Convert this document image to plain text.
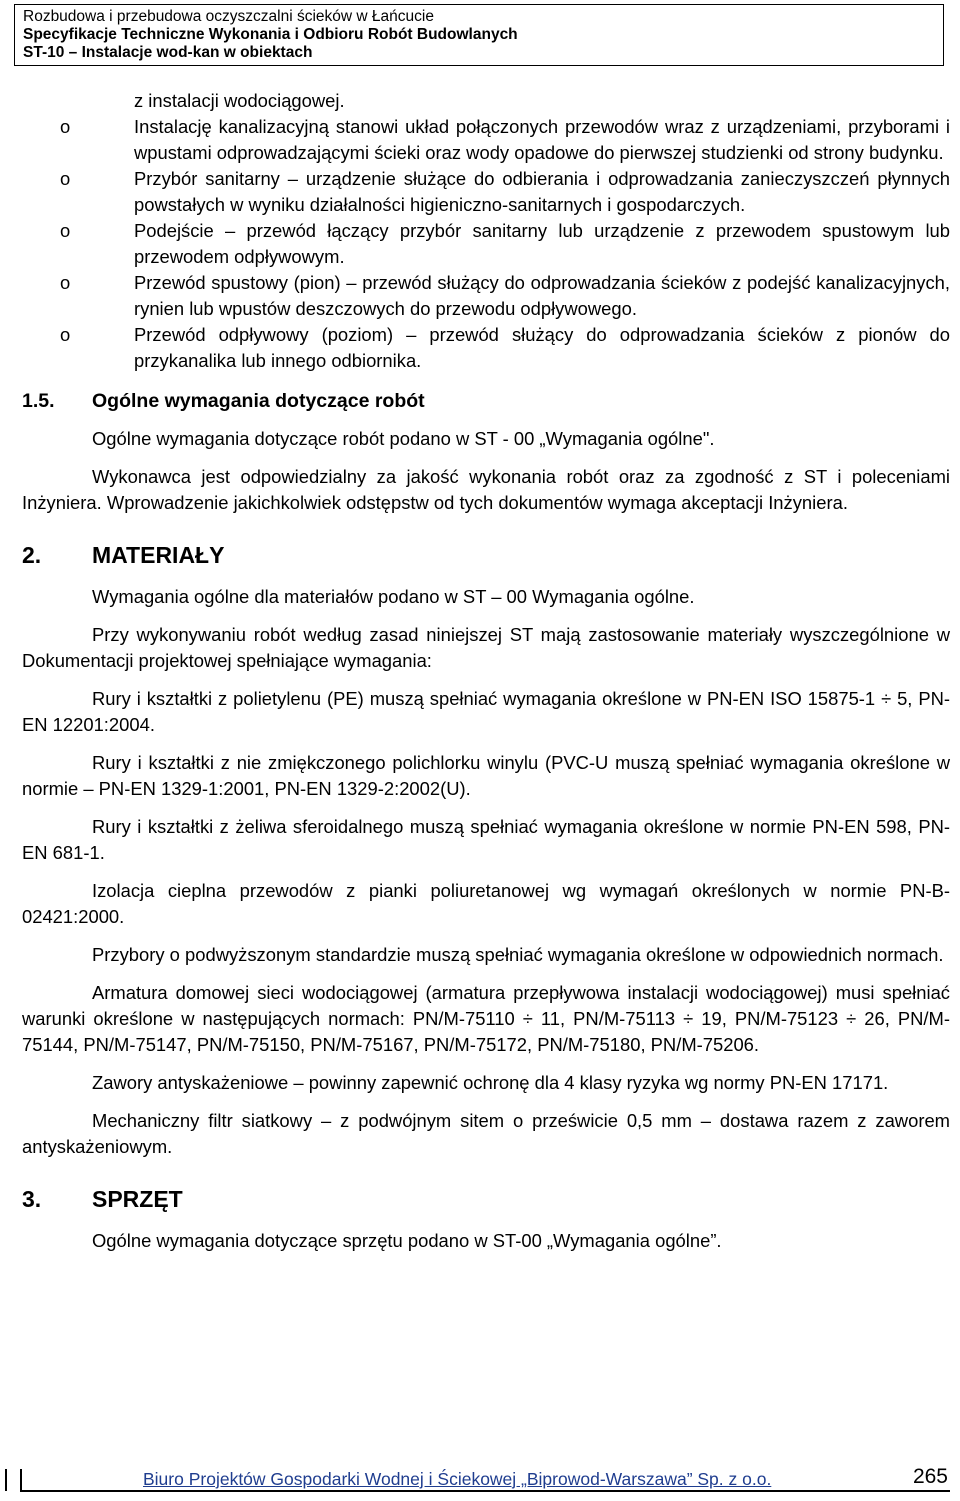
Rozbudowa i przebudowa oczyszczalni ścieków w Łańcucie
Specyfikacje Techniczne Wykonania i Odbioru Robót Budowlanych
ST-10 – Instalacje wod-kan w obiektach
z instalacji wodociągowej.
o	Instalację kanalizacyjną stanowi układ połączonych przewodów wraz z urządzeniami, przyborami i wpustami odprowadzającymi ścieki oraz wody opadowe do pierwszej studzienki od strony budynku.
o	Przybór sanitarny – urządzenie służące do odbierania i odprowadzania zanieczyszczeń płynnych powstałych w wyniku działalności higieniczno-sanitarnych i gospodarczych.
o	Podejście – przewód łączący przybór sanitarny lub urządzenie z przewodem spustowym lub przewodem odpływowym.
o	Przewód spustowy (pion) – przewód służący do odprowadzania ścieków z podejść kanalizacyjnych, rynien lub wpustów deszczowych do przewodu odpływowego.
o	Przewód odpływowy (poziom) – przewód służący do odprowadzania ścieków z pionów do przykanalika lub innego odbiornika.
1.5.	Ogólne wymagania dotyczące robót
Ogólne wymagania dotyczące robót podano w ST - 00 „Wymagania ogólne".
Wykonawca jest odpowiedzialny za jakość wykonania robót oraz za zgodność z ST i poleceniami Inżyniera. Wprowadzenie jakichkolwiek odstępstw od tych dokumentów wymaga akceptacji Inżyniera.
2.	MATERIAŁY
Wymagania ogólne dla materiałów podano w ST – 00 Wymagania ogólne.
Przy wykonywaniu robót według zasad niniejszej ST mają zastosowanie materiały wyszczególnione w Dokumentacji projektowej spełniające wymagania:
Rury i kształtki z polietylenu (PE) muszą spełniać wymagania określone w PN-EN ISO 15875-1 ÷ 5, PN-EN 12201:2004.
Rury i kształtki z nie zmiękczonego polichlorku winylu (PVC-U muszą spełniać wymagania określone w normie – PN-EN 1329-1:2001, PN-EN 1329-2:2002(U).
Rury i kształtki z żeliwa sferoidalnego muszą spełniać wymagania określone w normie PN-EN 598, PN-EN 681-1.
Izolacja cieplna przewodów z pianki poliuretanowej wg wymagań określonych w normie PN-B-02421:2000.
Przybory o podwyższonym standardzie muszą spełniać wymagania określone w odpowiednich normach.
Armatura domowej sieci wodociągowej (armatura przepływowa instalacji wodociągowej) musi spełniać warunki określone w następujących normach: PN/M-75110 ÷ 11, PN/M-75113 ÷ 19, PN/M-75123 ÷ 26, PN/M-75144, PN/M-75147, PN/M-75150, PN/M-75167, PN/M-75172, PN/M-75180, PN/M-75206.
Zawory antyskażeniowe – powinny zapewnić ochronę dla 4 klasy ryzyka wg normy PN-EN 17171.
Mechaniczny filtr siatkowy – z podwójnym sitem o prześwicie 0,5 mm – dostawa razem z zaworem antyskażeniowym.
3.	SPRZĘT
Ogólne wymagania dotyczące sprzętu podano w ST-00 „Wymagania ogólne”.
Biuro Projektów Gospodarki Wodnej i Ściekowej „Biprowod-Warszawa” Sp. z o.o.	265
